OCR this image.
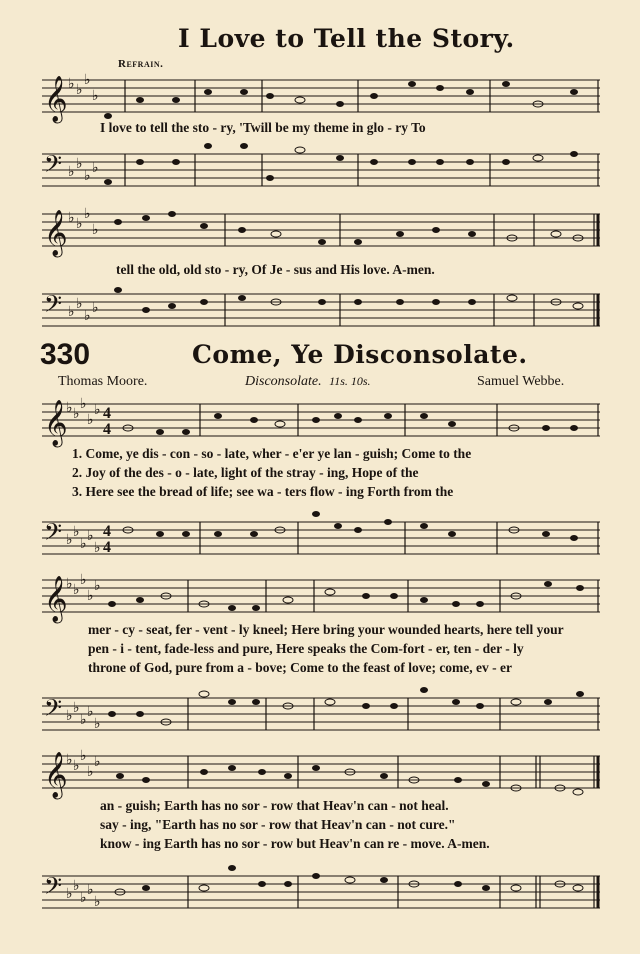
I Love to Tell the Story.
Refrain.
𝄞 ♭ ♭
♭
♭
I love to tell the sto - ry, 'Twill be my theme in glo - ry To
𝄢 ♭
♭
♭
♭
𝄞 ♭ ♭
♭
♭
tell the old, old sto - ry, Of Je - sus and His love. A-men.
𝄢 ♭
♭
♭
♭
330	Come, Ye Disconsolate.
Thomas Moore.	Disconsolate. 11s. 10s.	Samuel Webbe.
𝄞
♭ ♭
♭
♭
♭ 4
4
1. Come, ye dis - con - so - late, wher - e'er ye lan - guish; Come to the
2. Joy of the des - o - late, light of the stray - ing, Hope of the
3. Here see the bread of life; see wa - ters flow - ing Forth from the
𝄢 ♭
♭
♭
♭
♭
4
4
𝄞
♭ ♭
♭
♭
♭
mer - cy - seat, fer - vent - ly kneel; Here bring your wounded hearts, here tell your
pen - i - tent, fade-less and pure, Here speaks the Com-fort - er, ten - der - ly
throne of God, pure from a - bove; Come to the feast of love; come, ev - er
𝄢 ♭
♭
♭
♭
♭
𝄞
♭ ♭
♭
♭
♭
an - guish; Earth has no sor - row that Heav'n can - not heal.
say - ing, "Earth has no sor - row that Heav'n can - not cure."
know - ing Earth has no sor - row but Heav'n can re - move. A-men.
𝄢 ♭
♭
♭
♭
♭
